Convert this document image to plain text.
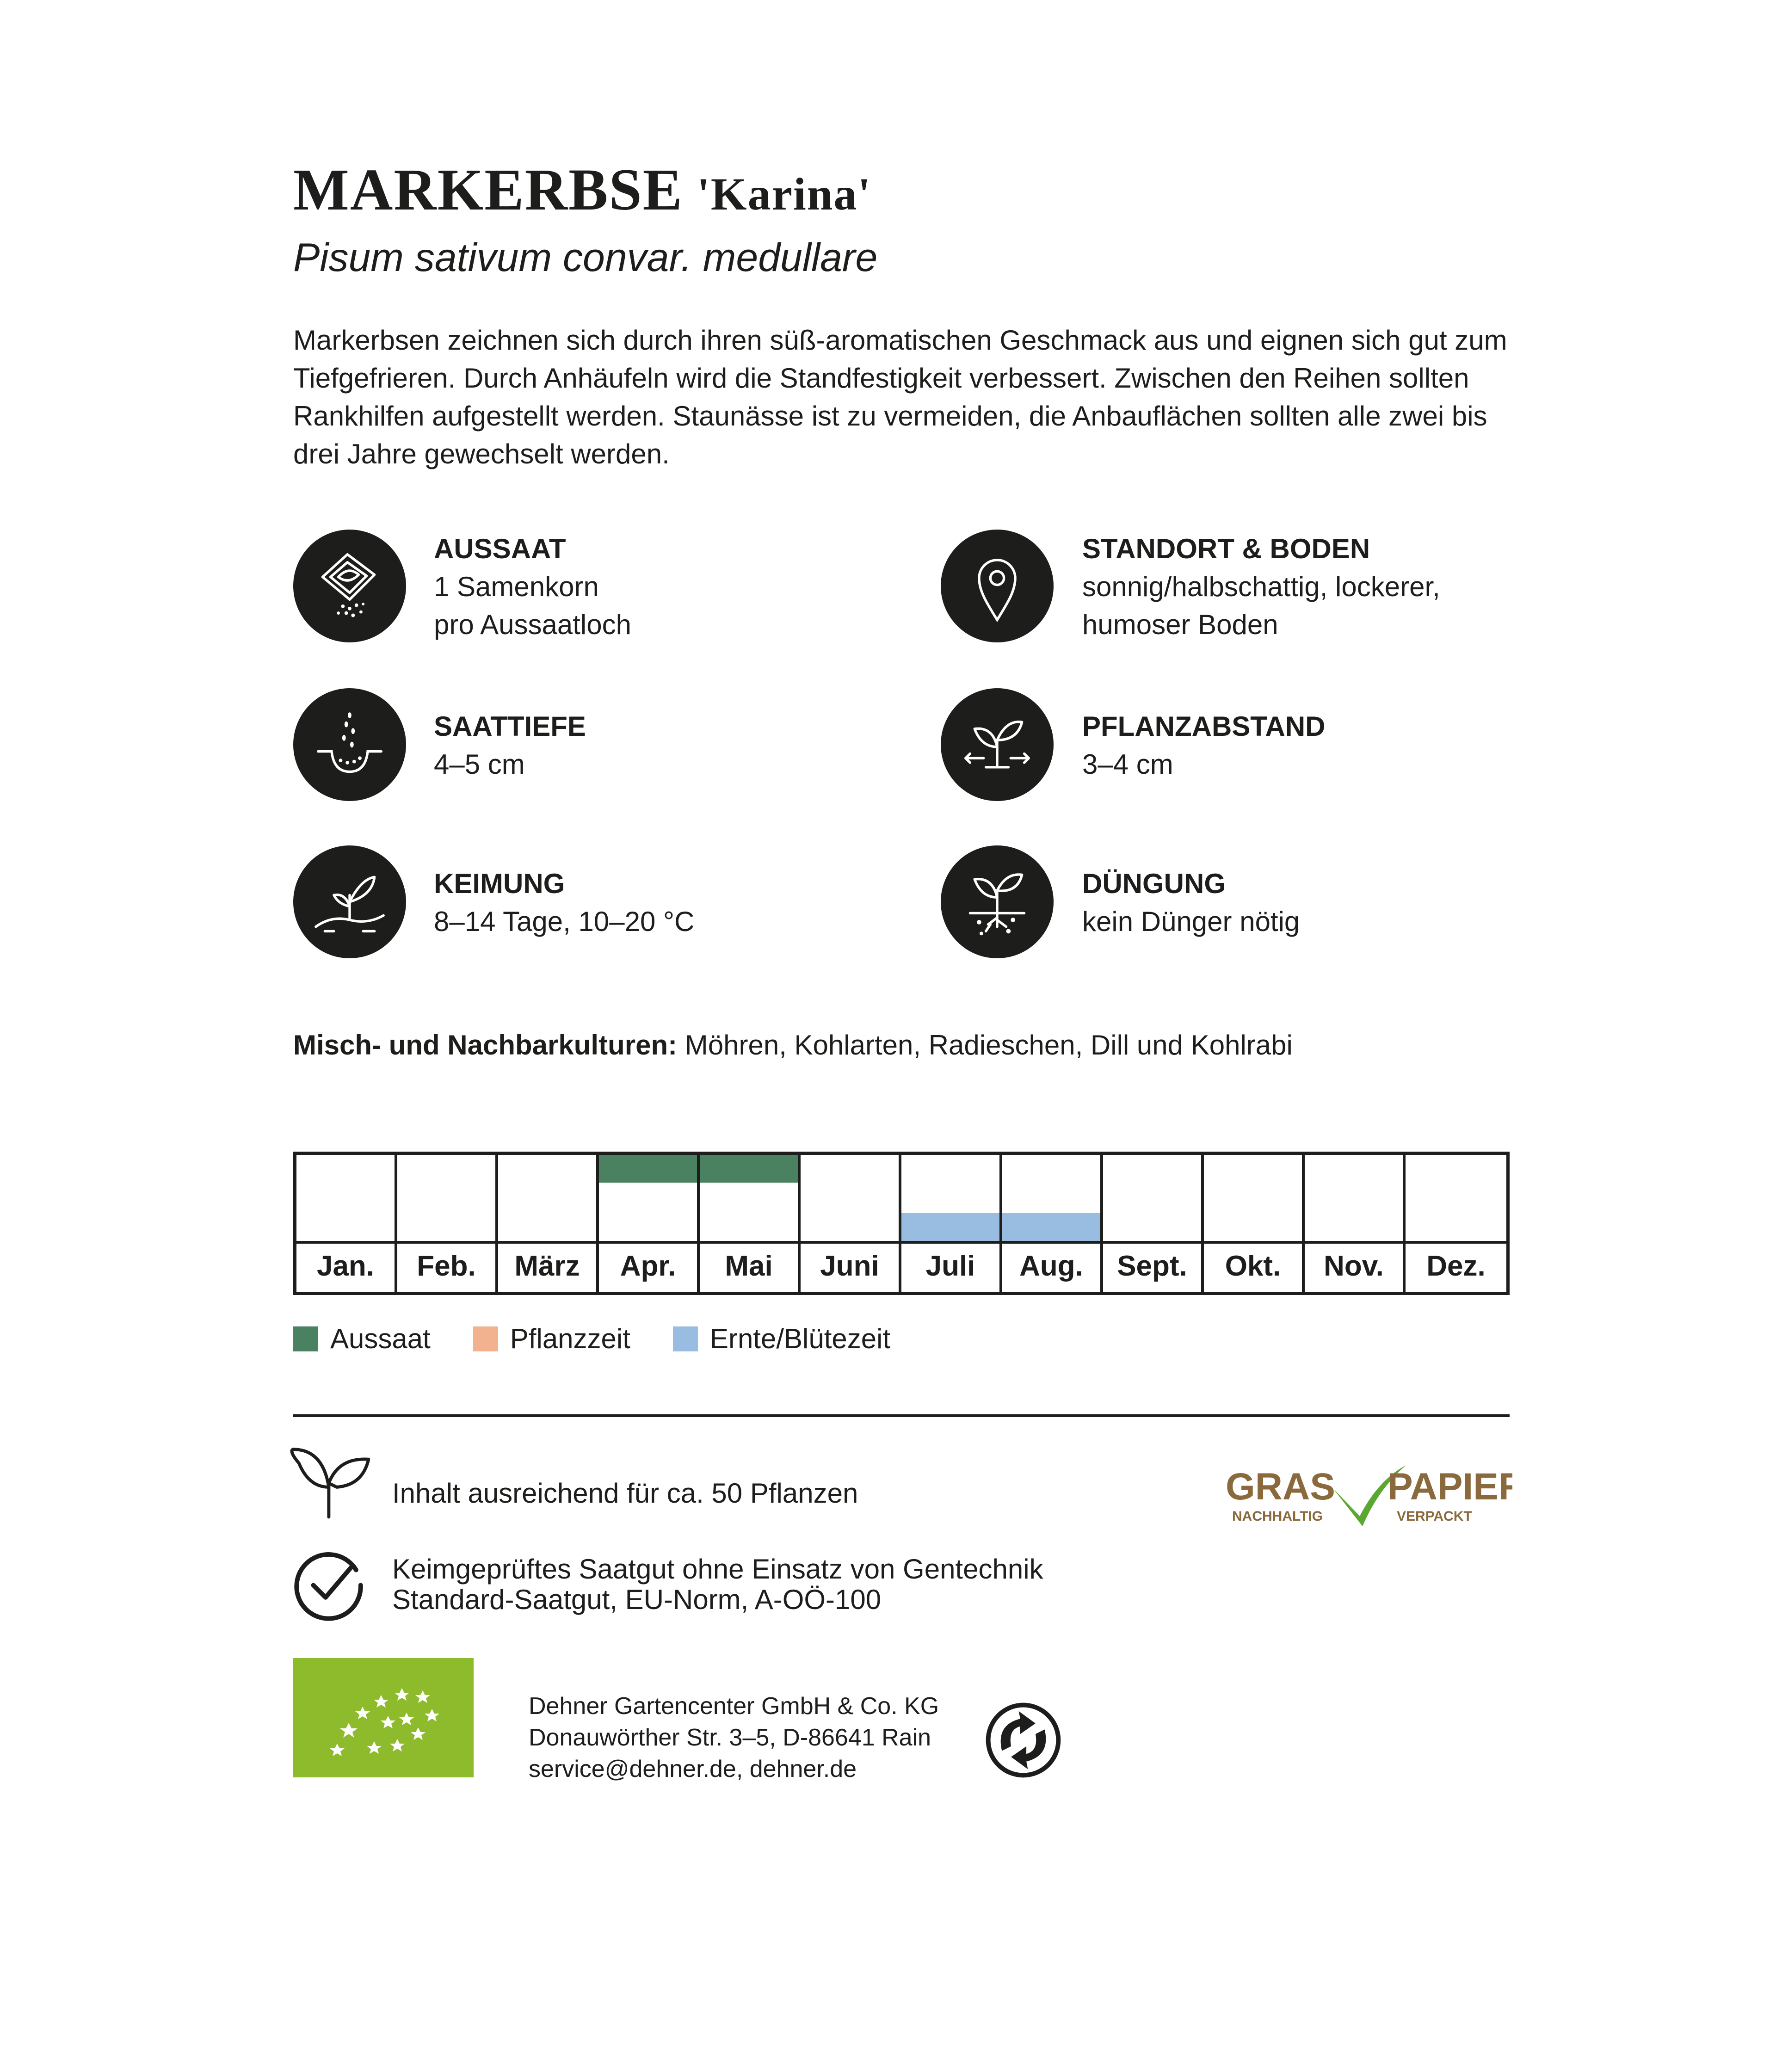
MARKERBSE 'Karina'
Pisum sativum convar. medullare
Markerbsen zeichnen sich durch ihren süß-aromatischen Geschmack aus und eignen sich gut zum Tiefgefrieren. Durch Anhäufeln wird die Standfestigkeit verbessert. Zwischen den Reihen sollten Rankhilfen aufgestellt werden. Staunässe ist zu vermeiden, die Anbauflächen sollten alle zwei bis drei Jahre gewechselt werden.
AUSSAAT
1 Samenkorn
pro Aussaatloch
STANDORT & BODEN
sonnig/halbschattig, lockerer,
humoser Boden
SAATTIEFE
4–5 cm
PFLANZABSTAND
3–4 cm
KEIMUNG
8–14 Tage, 10–20 °C
DÜNGUNG
kein Dünger nötig
Misch- und Nachbarkulturen: Möhren, Kohlarten, Radieschen, Dill und Kohlrabi
Jan.	Feb.	März	Apr.	Mai	Juni	Juli	Aug.	Sept.	Okt.	Nov.	Dez.
Aussaat	Pflanzzeit	Ernte/Blütezeit
Inhalt ausreichend für ca. 50 Pflanzen
Keimgeprüftes Saatgut ohne Einsatz von Gentechnik
Standard-Saatgut, EU-Norm, A-OÖ-100
GRAS
NACHHALTIG
PAPIER
VERPACKT
Dehner Gartencenter GmbH & Co. KG
Donauwörther Str. 3–5, D-86641 Rain
service@dehner.de, dehner.de
